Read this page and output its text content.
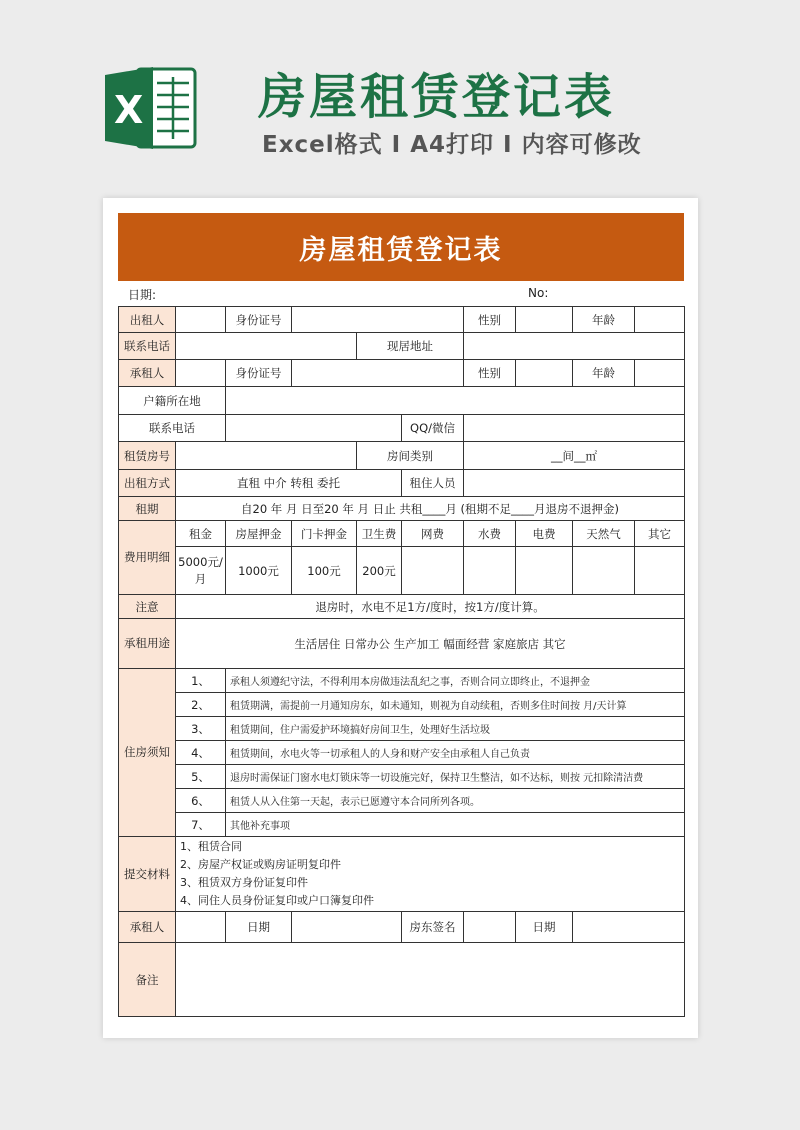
X 房屋租赁登记表
Excel格式 Ⅰ A4打印 Ⅰ 内容可修改
房屋租赁登记表
日期:	No:
出租人		身份证号				性别		年龄	
联系电话				现居地址					
承租人		身份证号				性别		年龄	
户籍所在地									
联系电话					QQ/微信				
租赁房号				房间类别		__间__㎡			
出租方式	直租 中介 转租 委托				租住人员				
租期	自20 年 月 日至20 年 月 日止 共租____月 (租期不足____月退房不退押金)								
费用明细	租金	房屋押金	门卡押金	卫生费	网费	水费	电费	天然气	其它
	5000元/月	1000元	100元	200元					
注意	退房时，水电不足1方/度时，按1方/度计算。								
承租用途	生活居住 日常办公 生产加工 幅面经营 家庭旅店 其它								
住房须知	1、	承租人须遵纪守法，不得利用本房做违法乱纪之事，否则合同立即终止，不退押金							
	2、	租赁期满，需提前一月通知房东，如未通知，则视为自动续租，否则多住时间按 月/天计算							
	3、	租赁期间，住户需爱护环境搞好房间卫生，处理好生活垃圾							
	4、	租赁期间，水电火等一切承租人的人身和财产安全由承租人自己负责							
	5、	退房时需保证门窗水电灯锁床等一切设施完好，保持卫生整洁，如不达标，则按 元扣除清洁费							
	6、	租赁人从入住第一天起，表示已愿遵守本合同所列各项。							
	7、	其他补充事项							
提交材料	1、租赁合同
2、房屋产权证或购房证明复印件
3、租赁双方身份证复印件
4、同住人员身份证复印或户口簿复印件								

承租人		日期			房东签名		日期		
备注									
